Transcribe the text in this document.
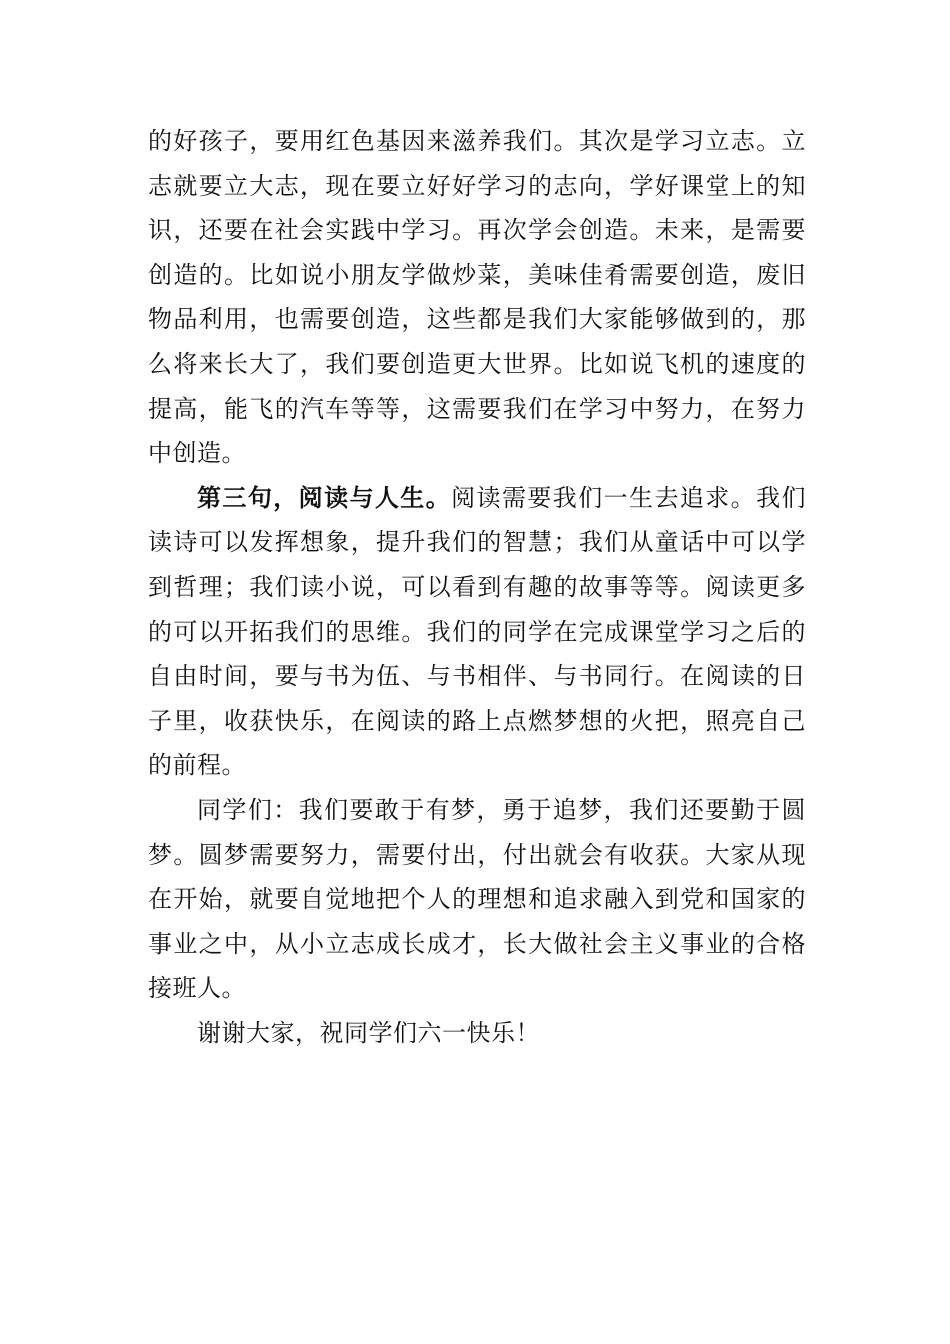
的好孩子，要用红色基因来滋养我们。其次是学习立志。立志就要立大志，现在要立好好学习的志向，学好课堂上的知识，还要在社会实践中学习。再次学会创造。未来，是需要创造的。比如说小朋友学做炒菜，美味佳肴需要创造，废旧物品利用，也需要创造，这些都是我们大家能够做到的，那么将来长大了，我们要创造更大世界。比如说飞机的速度的提高，能飞的汽车等等，这需要我们在学习中努力，在努力中创造。

第三句，阅读与人生。阅读需要我们一生去追求。我们读诗可以发挥想象，提升我们的智慧；我们从童话中可以学到哲理；我们读小说，可以看到有趣的故事等等。阅读更多的可以开拓我们的思维。我们的同学在完成课堂学习之后的自由时间，要与书为伍、与书相伴、与书同行。在阅读的日子里，收获快乐，在阅读的路上点燃梦想的火把，照亮自己的前程。

同学们：我们要敢于有梦，勇于追梦，我们还要勤于圆梦。圆梦需要努力，需要付出，付出就会有收获。大家从现在开始，就要自觉地把个人的理想和追求融入到党和国家的事业之中，从小立志成长成才，长大做社会主义事业的合格接班人。

谢谢大家，祝同学们六一快乐！
